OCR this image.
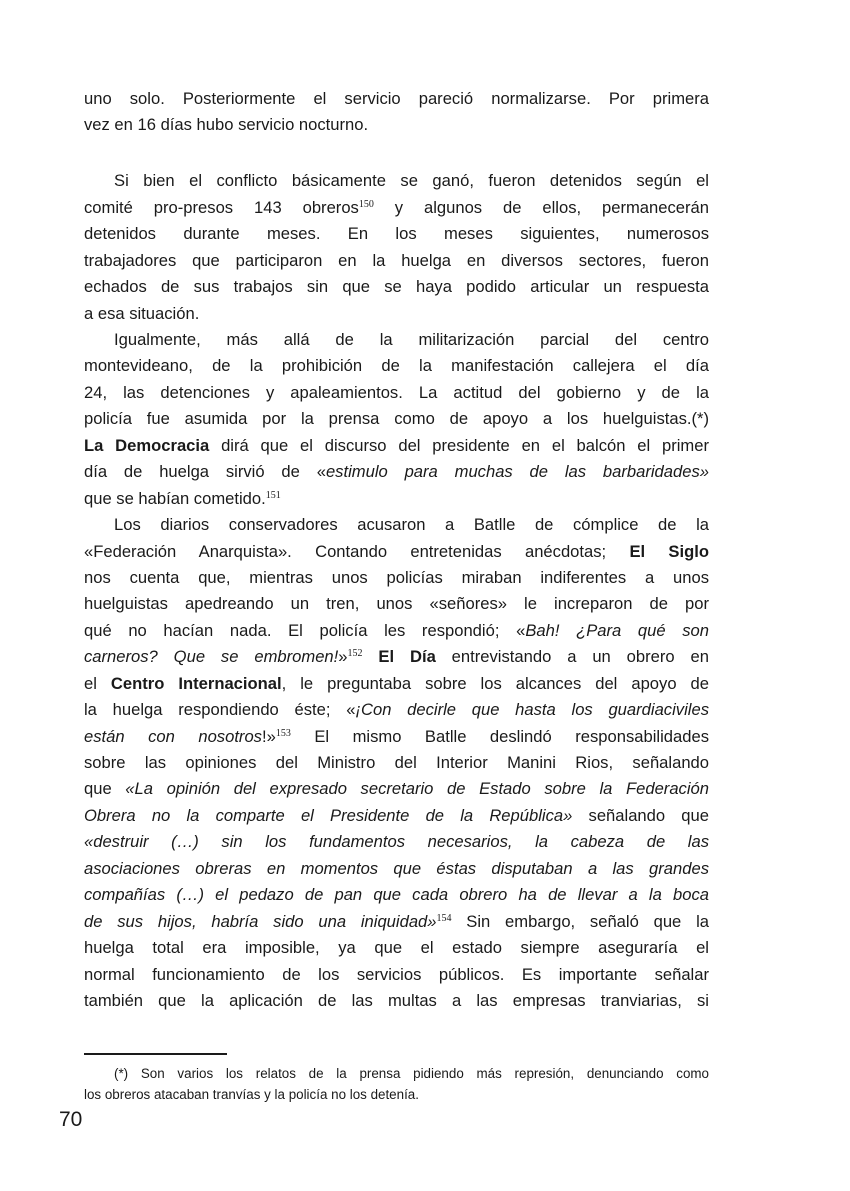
uno solo. Posteriormente el servicio pareció normalizarse. Por primera
vez en 16 días hubo servicio nocturno.
Si bien el conflicto básicamente se ganó, fueron detenidos según el
comité pro-presos 143 obreros$^{150}$ y algunos de ellos, permanecerán
detenidos durante meses. En los meses siguientes, numerosos
trabajadores que participaron en la huelga en diversos sectores, fueron
echados de sus trabajos sin que se haya podido articular un respuesta
a esa situación.
Igualmente, más allá de la militarización parcial del centro
montevideano, de la prohibición de la manifestación callejera el día
24, las detenciones y apaleamientos. La actitud del gobierno y de la
policía fue asumida por la prensa como de apoyo a los huelguistas.(*)
La Democracia dirá que el discurso del presidente en el balcón el primer
día de huelga sirvió de «estimulo para muchas de las barbaridades»
que se habían cometido.$^{151}$
Los diarios conservadores acusaron a Batlle de cómplice de la
«Federación Anarquista». Contando entretenidas anécdotas; El Siglo
nos cuenta que, mientras unos policías miraban indiferentes a unos
huelguistas apedreando un tren, unos «señores» le increparon de por
qué no hacían nada. El policía les respondió; «Bah! ¿Para qué son
carneros? Que se embromen!»$^{152}$ El Día entrevistando a un obrero en
el Centro Internacional, le preguntaba sobre los alcances del apoyo de
la huelga respondiendo éste; «¡Con decirle que hasta los guardiaciviles
están con nosotros!»$^{153}$ El mismo Batlle deslindó responsabilidades
sobre las opiniones del Ministro del Interior Manini Rios, señalando
que «La opinión del expresado secretario de Estado sobre la Federación
Obrera no la comparte el Presidente de la República» señalando que
«destruir (…) sin los fundamentos necesarios, la cabeza de las
asociaciones obreras en momentos que éstas disputaban a las grandes
compañías (…) el pedazo de pan que cada obrero ha de llevar a la boca
de sus hijos, habría sido una iniquidad»$^{154}$ Sin embargo, señaló que la
huelga total era imposible, ya que el estado siempre aseguraría el
normal funcionamiento de los servicios públicos. Es importante señalar
también que la aplicación de las multas a las empresas tranviarias, si
(*) Son varios los relatos de la prensa pidiendo más represión, denunciando como
los obreros atacaban tranvías y la policía no los detenía.
70
